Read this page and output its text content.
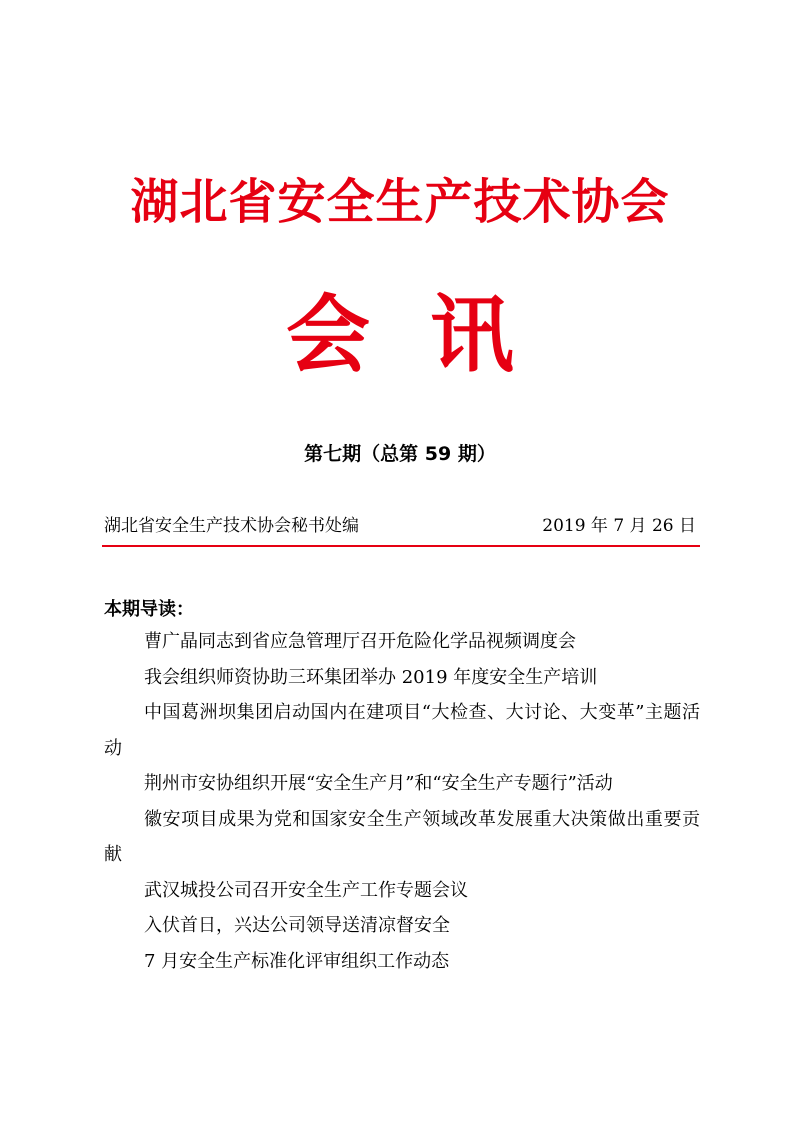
湖北省安全生产技术协会
会讯
第七期（总第 59 期）
湖北省安全生产技术协会秘书处编	2019 年 7 月 26 日
本期导读：
曹广晶同志到省应急管理厅召开危险化学品视频调度会
我会组织师资协助三环集团举办 2019 年度安全生产培训
中国葛洲坝集团启动国内在建项目“大检查、大讨论、大变革”主题活动
荆州市安协组织开展“安全生产月”和“安全生产专题行”活动
徽安项目成果为党和国家安全生产领域改革发展重大决策做出重要贡献
武汉城投公司召开安全生产工作专题会议
入伏首日，兴达公司领导送清凉督安全
7 月安全生产标准化评审组织工作动态
